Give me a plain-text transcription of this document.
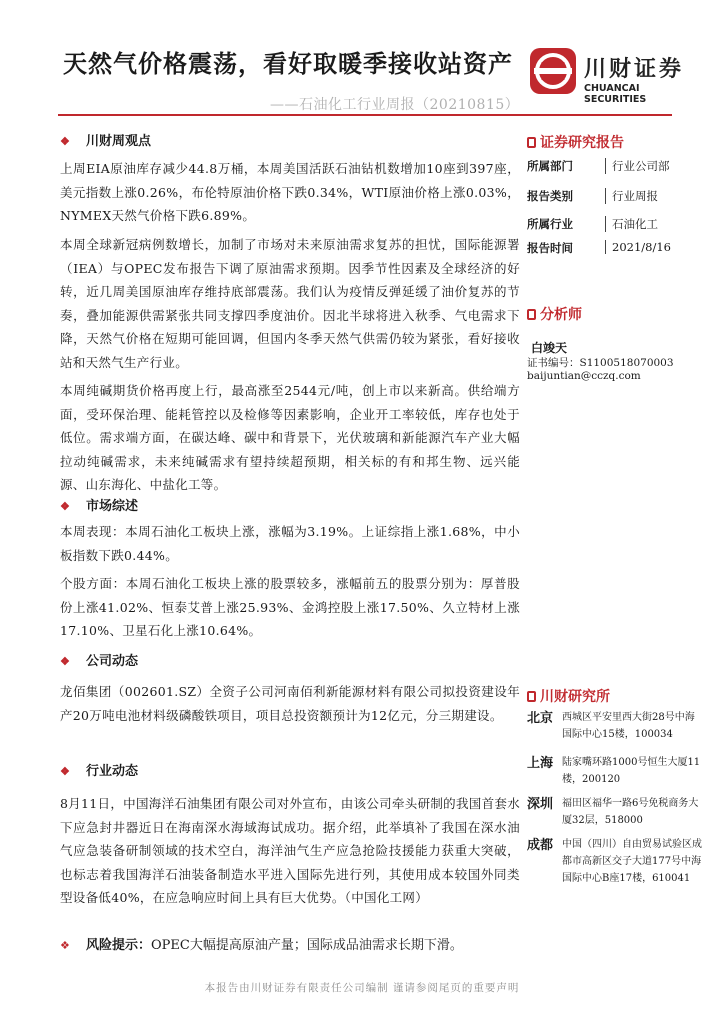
天然气价格震荡，看好取暖季接收站资产
——石油化工行业周报（20210815）
川财证券
CHUANCAI SECURITIES
❖ 川财周观点
上周EIA原油库存减少44.8万桶，本周美国活跃石油钻机数增加10座到397座，美元指数上涨0.26%，布伦特原油价格下跌0.34%，WTI原油价格上涨0.03%，NYMEX天然气价格下跌6.89%。
本周全球新冠病例数增长，加制了市场对未来原油需求复苏的担忧，国际能源署（IEA）与OPEC发布报告下调了原油需求预期。因季节性因素及全球经济的好转，近几周美国原油库存维持底部震荡。我们认为疫情反弹延缓了油价复苏的节奏，叠加能源供需紧张共同支撑四季度油价。因北半球将进入秋季、气电需求下降，天然气价格在短期可能回调，但国内冬季天然气供需仍较为紧张，看好接收站和天然气生产行业。
本周纯碱期货价格再度上行，最高涨至2544元/吨，创上市以来新高。供给端方面，受环保治理、能耗管控以及检修等因素影响，企业开工率较低，库存也处于低位。需求端方面，在碳达峰、碳中和背景下，光伏玻璃和新能源汽车产业大幅拉动纯碱需求，未来纯碱需求有望持续超预期，相关标的有和邦生物、远兴能源、山东海化、中盐化工等。
❖ 市场综述
本周表现：本周石油化工板块上涨，涨幅为3.19%。上证综指上涨1.68%，中小板指数下跌0.44%。
个股方面：本周石油化工板块上涨的股票较多，涨幅前五的股票分别为：厚普股份上涨41.02%、恒泰艾普上涨25.93%、金鸿控股上涨17.50%、久立特材上涨17.10%、卫星石化上涨10.64%。
❖ 公司动态
龙佰集团（002601.SZ）全资子公司河南佰利新能源材料有限公司拟投资建设年产20万吨电池材料级磷酸铁项目，项目总投资额预计为12亿元，分三期建设。
❖ 行业动态
8月11日，中国海洋石油集团有限公司对外宣布，由该公司牵头研制的我国首套水下应急封井器近日在海南深水海域海试成功。据介绍，此举填补了我国在深水油气应急装备研制领域的技术空白，海洋油气生产应急抢险技援能力获重大突破，也标志着我国海洋石油装备制造水平进入国际先进行列，其使用成本较国外同类型设备低40%，在应急响应时间上具有巨大优势。（中国化工网）
❖ 风险提示：OPEC大幅提高原油产量；国际成品油需求长期下滑。
证券研究报告
所属部门	行业公司部
报告类别	行业周报
所属行业	石油化工
报告时间	2021/8/16
分析师
白竣天
证书编号：S1100518070003
baijuntian@cczq.com
川财研究所
北京 西城区平安里西大街28号中海国际中心15楼，100034
上海 陆家嘴环路1000号恒生大厦11楼，200120
深圳 福田区福华一路6号免税商务大厦32层，518000
成都 中国（四川）自由贸易试验区成都市高新区交子大道177号中海国际中心B座17楼，610041
本报告由川财证券有限责任公司编制 谨请参阅尾页的重要声明
